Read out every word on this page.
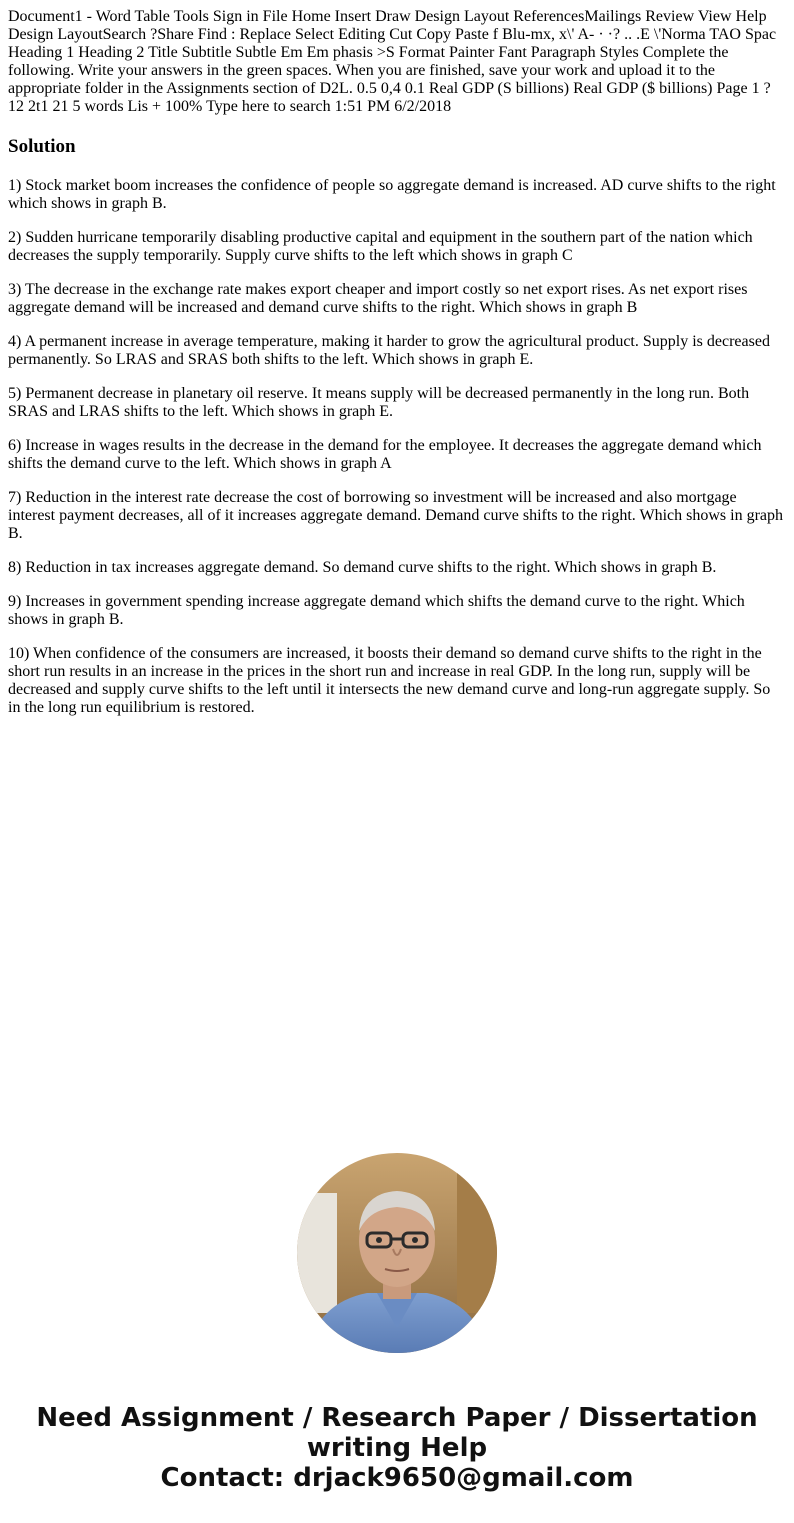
Document1 - Word Table Tools Sign in File Home Insert Draw Design Layout ReferencesMailings Review View Help Design LayoutSearch ?Share Find : Replace Select Editing Cut Copy Paste f Blu-mx, x\' A- · ·? .. .E \'Norma TAO Spac Heading 1 Heading 2 Title Subtitle Subtle Em Em phasis >S Format Painter Fant Paragraph Styles Complete the following. Write your answers in the green spaces. When you are finished, save your work and upload it to the appropriate folder in the Assignments section of D2L. 0.5 0,4 0.1 Real GDP (S billions) Real GDP ($ billions) Page 1 ? 12 2t1 21 5 words Lis + 100% Type here to search 1:51 PM 6/2/2018

Solution

1) Stock market boom increases the confidence of people so aggregate demand is increased. AD curve shifts to the right which shows in graph B.

2) Sudden hurricane temporarily disabling productive capital and equipment in the southern part of the nation which decreases the supply temporarily. Supply curve shifts to the left which shows in graph C

3) The decrease in the exchange rate makes export cheaper and import costly so net export rises. As net export rises aggregate demand will be increased and demand curve shifts to the right. Which shows in graph B

4) A permanent increase in average temperature, making it harder to grow the agricultural product. Supply is decreased permanently. So LRAS and SRAS both shifts to the left. Which shows in graph E.

5) Permanent decrease in planetary oil reserve. It means supply will be decreased permanently in the long run. Both SRAS and LRAS shifts to the left. Which shows in graph E.

6) Increase in wages results in the decrease in the demand for the employee. It decreases the aggregate demand which shifts the demand curve to the left. Which shows in graph A

7) Reduction in the interest rate decrease the cost of borrowing so investment will be increased and also mortgage interest payment decreases, all of it increases aggregate demand. Demand curve shifts to the right. Which shows in graph B.

8) Reduction in tax increases aggregate demand. So demand curve shifts to the right. Which shows in graph B.

9) Increases in government spending increase aggregate demand which shifts the demand curve to the right. Which shows in graph B.

10) When confidence of the consumers are increased, it boosts their demand so demand curve shifts to the right in the short run results in an increase in the prices in the short run and increase in real GDP. In the long run, supply will be decreased and supply curve shifts to the left until it intersects the new demand curve and long-run aggregate supply. So in the long run equilibrium is restored.

Need Assignment / Research Paper / Dissertation
writing Help
Contact: drjack9650@gmail.com
